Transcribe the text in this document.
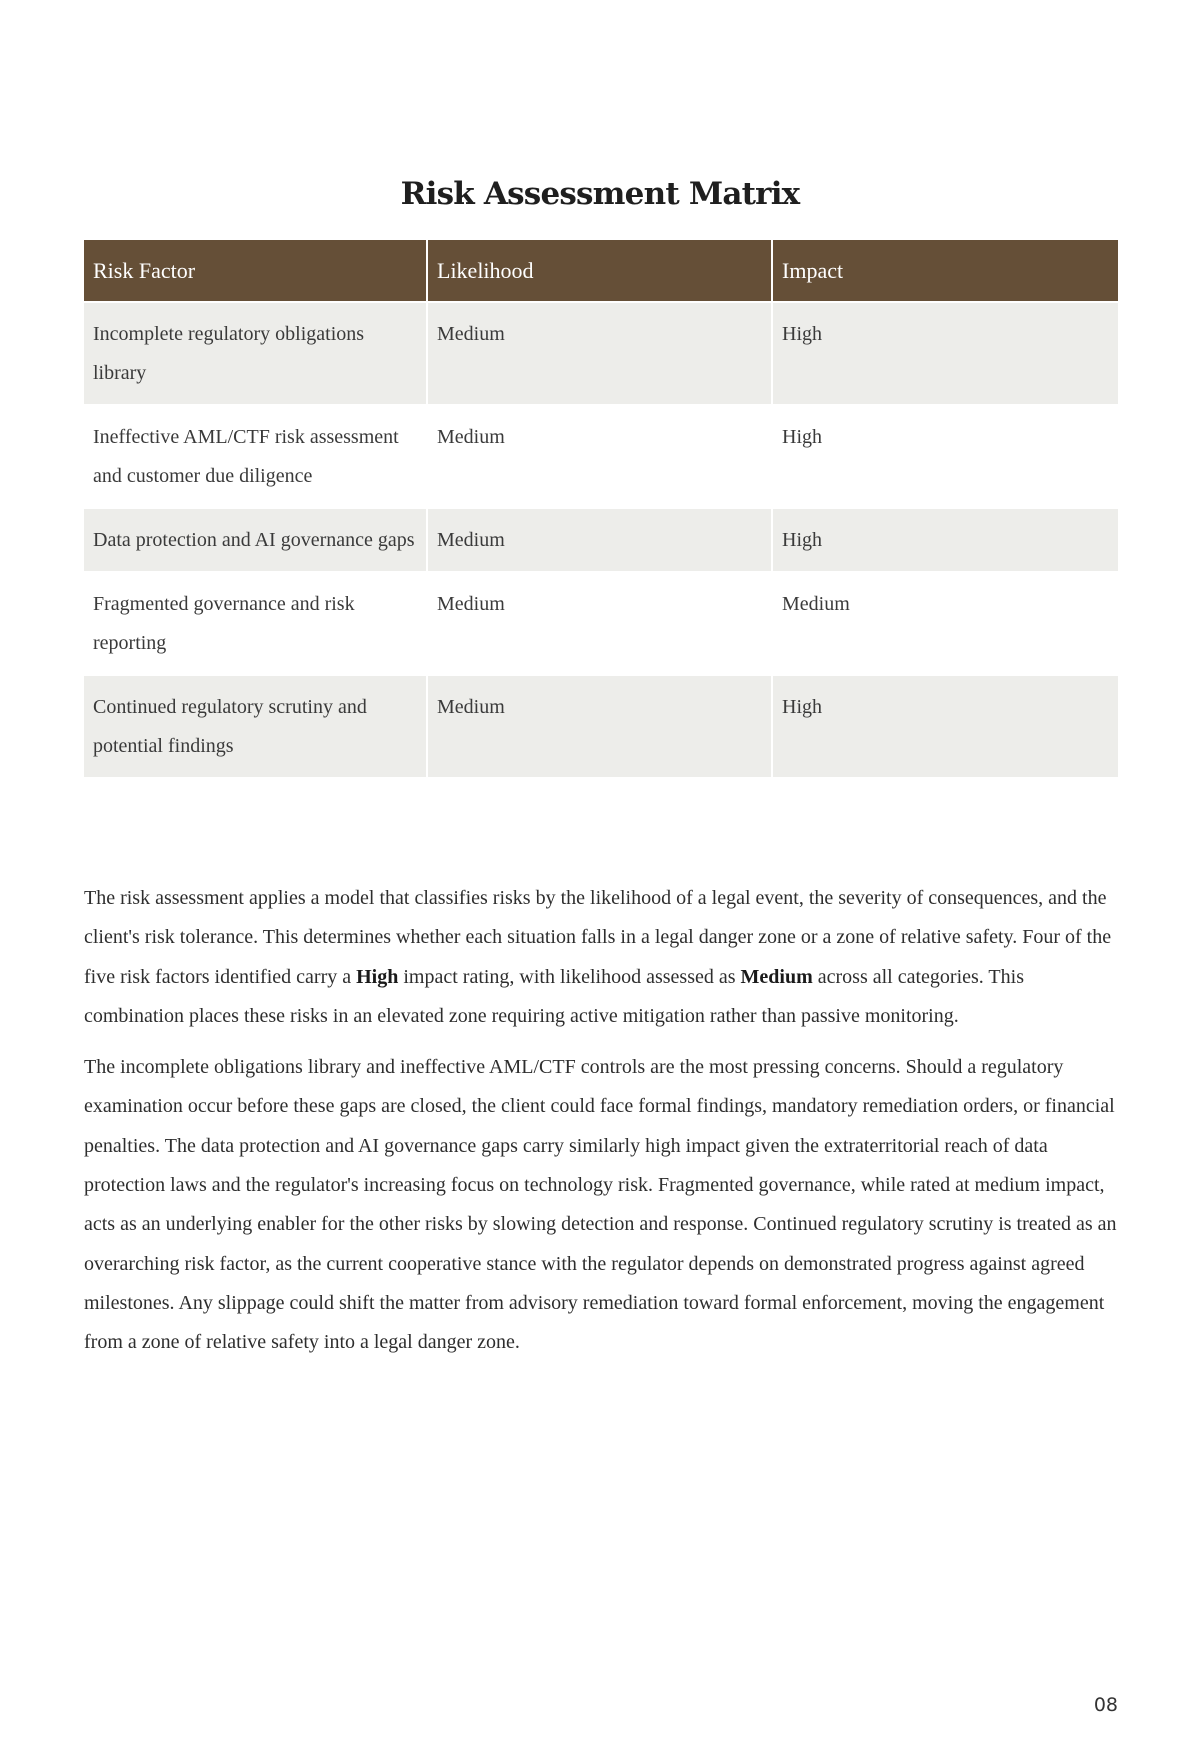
Risk Assessment Matrix
Risk Factor	Likelihood	Impact
Incomplete regulatory obligations library	Medium	High
Ineffective AML/CTF risk assessment and customer due diligence	Medium	High
Data protection and AI governance gaps	Medium	High
Fragmented governance and risk reporting	Medium	Medium
Continued regulatory scrutiny and potential findings	Medium	High

The risk assessment applies a model that classifies risks by the likelihood of a legal event, the severity of consequences, and the client's risk tolerance. This determines whether each situation falls in a legal danger zone or a zone of relative safety. Four of the five risk factors identified carry a High impact rating, with likelihood assessed as Medium across all categories. This combination places these risks in an elevated zone requiring active mitigation rather than passive monitoring.

The incomplete obligations library and ineffective AML/CTF controls are the most pressing concerns. Should a regulatory examination occur before these gaps are closed, the client could face formal findings, mandatory remediation orders, or financial penalties. The data protection and AI governance gaps carry similarly high impact given the extraterritorial reach of data protection laws and the regulator's increasing focus on technology risk. Fragmented governance, while rated at medium impact, acts as an underlying enabler for the other risks by slowing detection and response. Continued regulatory scrutiny is treated as an overarching risk factor, as the current cooperative stance with the regulator depends on demonstrated progress against agreed milestones. Any slippage could shift the matter from advisory remediation toward formal enforcement, moving the engagement from a zone of relative safety into a legal danger zone.

08
